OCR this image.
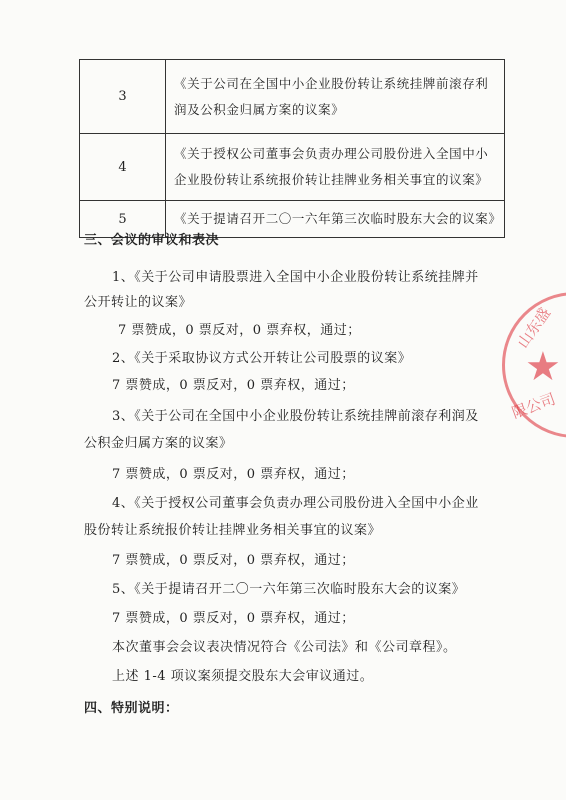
3	《关于公司在全国中小企业股份转让系统挂牌前滚存利润及公积金归属方案的议案》
4	《关于授权公司董事会负责办理公司股份进入全国中小企业股份转让系统报价转让挂牌业务相关事宜的议案》
5	《关于提请召开二〇一六年第三次临时股东大会的议案》
三、会议的审议和表决
1、《关于公司申请股票进入全国中小企业股份转让系统挂牌并
公开转让的议案》
7 票赞成，0 票反对，0 票弃权，通过；
2、《关于采取协议方式公开转让公司股票的议案》
7 票赞成，0 票反对，0 票弃权，通过；
3、《关于公司在全国中小企业股份转让系统挂牌前滚存利润及
公积金归属方案的议案》
7 票赞成，0 票反对，0 票弃权，通过；
4、《关于授权公司董事会负责办理公司股份进入全国中小企业
股份转让系统报价转让挂牌业务相关事宜的议案》
7 票赞成，0 票反对，0 票弃权，通过；
5、《关于提请召开二〇一六年第三次临时股东大会的议案》
7 票赞成，0 票反对，0 票弃权，通过；
本次董事会会议表决情况符合《公司法》和《公司章程》。
上述 1-4 项议案须提交股东大会审议通过。
四、特别说明：
山东盛
★
限公司
